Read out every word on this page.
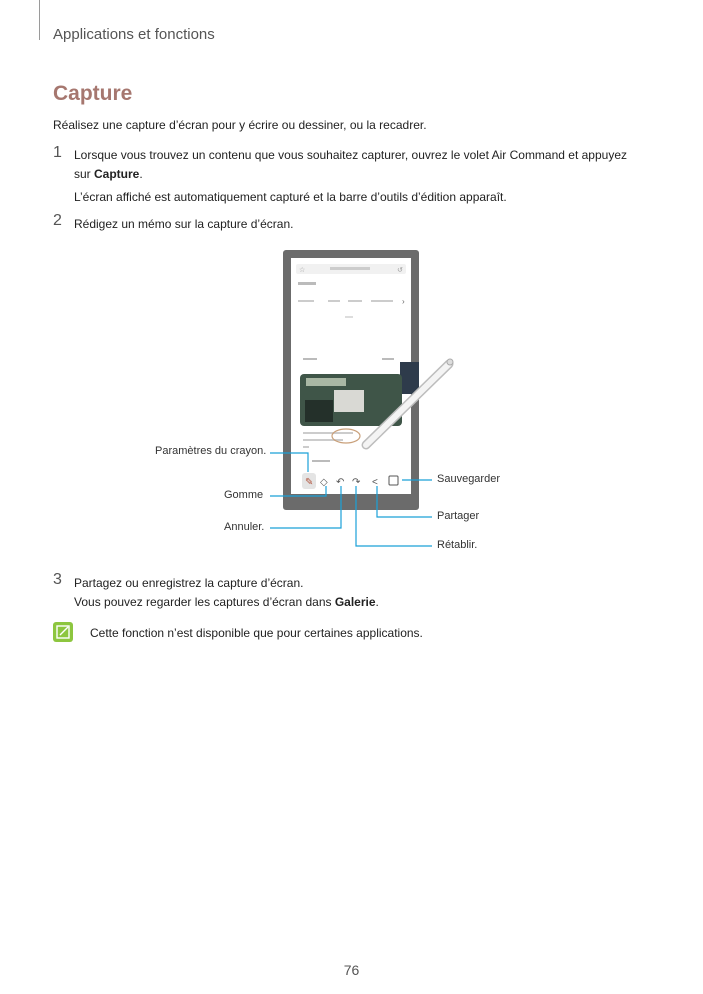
Applications et fonctions
Capture
Réalisez une capture d’écran pour y écrire ou dessiner, ou la recadrer.
1 Lorsque vous trouvez un contenu que vous souhaitez capturer, ouvrez le volet Air Command et appuyez
sur Capture.
L’écran affiché est automatiquement capturé et la barre d’outils d’édition apparaît.
2 Rédigez un mémo sur la capture d’écran.
☆	↺
›
✎ ◇ ↶ ↷ <
Paramètres du crayon.
Gomme
Annuler.
Sauvegarder
Partager
Rétablir.
3 Partagez ou enregistrez la capture d’écran.
Vous pouvez regarder les captures d’écran dans Galerie.
Cette fonction n’est disponible que pour certaines applications.
76
